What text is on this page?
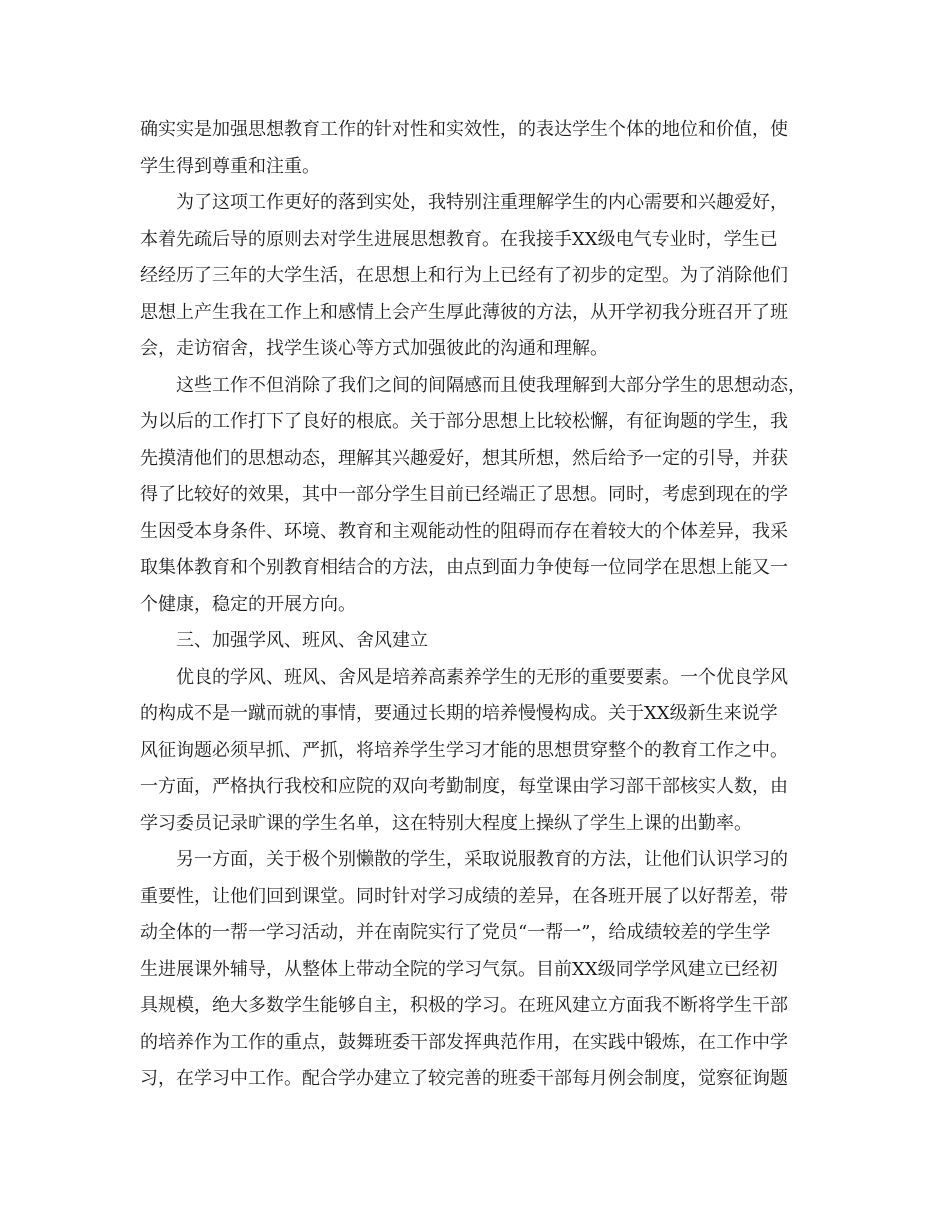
确实实是加强思想教育工作的针对性和实效性，的表达学生个体的地位和价值，使
学生得到尊重和注重。
　　为了这项工作更好的落到实处，我特别注重理解学生的内心需要和兴趣爱好，
本着先疏后导的原则去对学生进展思想教育。在我接手XX级电气专业时，学生已
经经历了三年的大学生活，在思想上和行为上已经有了初步的定型。为了消除他们
思想上产生我在工作上和感情上会产生厚此薄彼的方法，从开学初我分班召开了班
会，走访宿舍，找学生谈心等方式加强彼此的沟通和理解。
　　这些工作不但消除了我们之间的间隔感而且使我理解到大部分学生的思想动态，
为以后的工作打下了良好的根底。关于部分思想上比较松懈，有征询题的学生，我
先摸清他们的思想动态，理解其兴趣爱好，想其所想，然后给予一定的引导，并获
得了比较好的效果，其中一部分学生目前已经端正了思想。同时，考虑到现在的学
生因受本身条件、环境、教育和主观能动性的阻碍而存在着较大的个体差异，我采
取集体教育和个别教育相结合的方法，由点到面力争使每一位同学在思想上能又一
个健康，稳定的开展方向。
　　三、加强学风、班风、舍风建立
　　优良的学风、班风、舍风是培养高素养学生的无形的重要要素。一个优良学风
的构成不是一蹴而就的事情，要通过长期的培养慢慢构成。关于XX级新生来说学
风征询题必须早抓、严抓，将培养学生学习才能的思想贯穿整个的教育工作之中。
一方面，严格执行我校和应院的双向考勤制度，每堂课由学习部干部核实人数，由
学习委员记录旷课的学生名单，这在特别大程度上操纵了学生上课的出勤率。
　　另一方面，关于极个别懒散的学生，采取说服教育的方法，让他们认识学习的
重要性，让他们回到课堂。同时针对学习成绩的差异，在各班开展了以好帮差，带
动全体的一帮一学习活动，并在南院实行了党员“一帮一”，给成绩较差的学生学
生进展课外辅导，从整体上带动全院的学习气氛。目前XX级同学学风建立已经初
具规模，绝大多数学生能够自主，积极的学习。在班风建立方面我不断将学生干部
的培养作为工作的重点，鼓舞班委干部发挥典范作用，在实践中锻炼，在工作中学
习，在学习中工作。配合学办建立了较完善的班委干部每月例会制度，觉察征询题
